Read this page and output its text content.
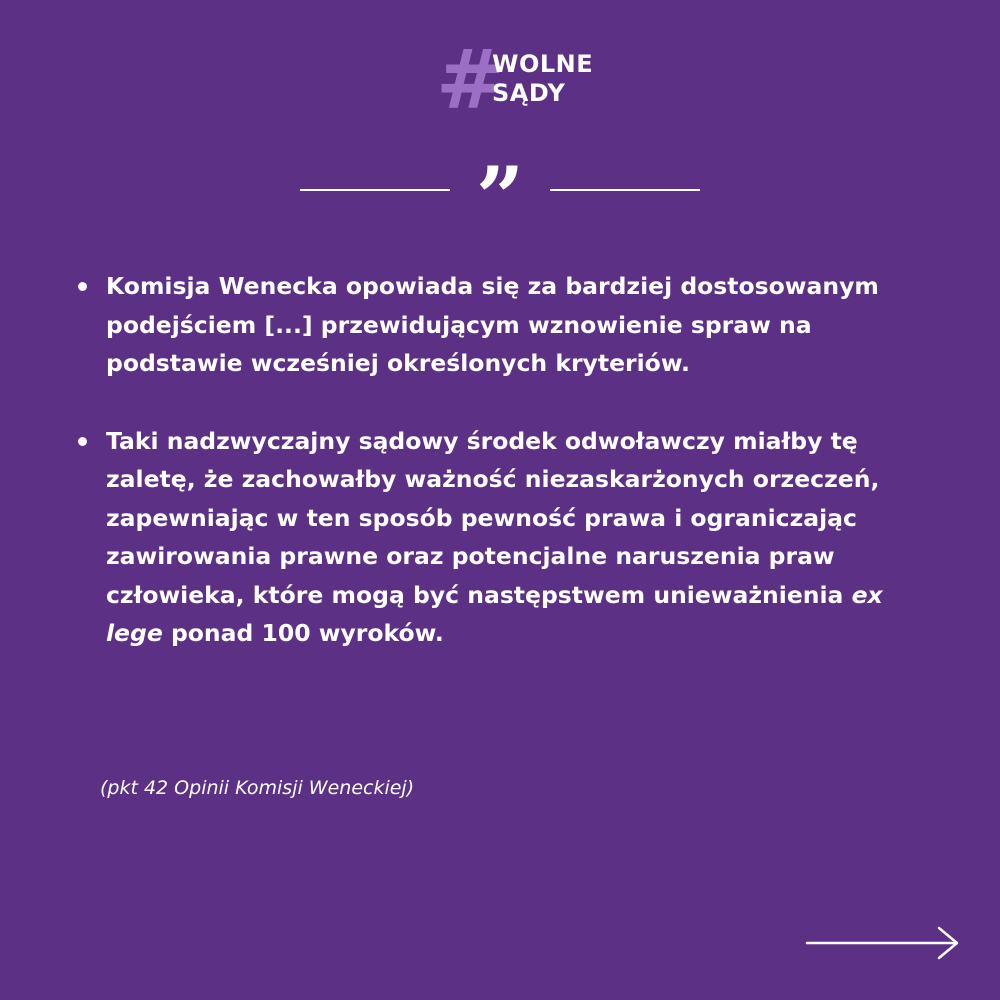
#
WOLNE
SĄDY
”
Komisja Wenecka opowiada się za bardziej dostosowanym podejściem [...] przewidującym wznowienie spraw na podstawie wcześniej określonych kryteriów.
Taki nadzwyczajny sądowy środek odwoławczy miałby tę zaletę, że zachowałby ważność niezaskarżonych orzeczeń, zapewniając w ten sposób pewność prawa i ograniczając zawirowania prawne oraz potencjalne naruszenia praw człowieka, które mogą być następstwem unieważnienia ex lege ponad 100 wyroków.
(pkt 42 Opinii Komisji Weneckiej)
